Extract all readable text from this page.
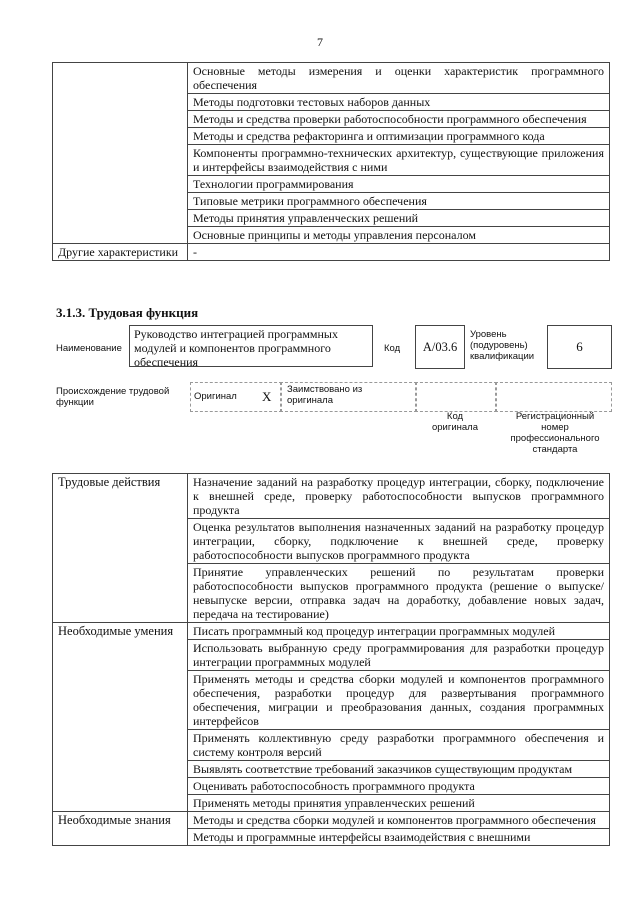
7
	Основные методы измерения и оценки характеристик программного обеспечения
	Методы подготовки тестовых наборов данных
	Методы и средства проверки работоспособности программного обеспечения
	Методы и средства рефакторинга и оптимизации программного кода
	Компоненты программно-технических архитектур, существующие приложения и интерфейсы взаимодействия с ними
	Технологии программирования
	Типовые метрики программного обеспечения
	Методы принятия управленческих решений
	Основные принципы и методы управления персоналом
Другие характеристики	-
3.1.3. Трудовая функция
Наименование
Руководство интеграцией программных модулей и компонентов программного обеспечения
Код	A/03.6
Уровень (подуровень) квалификации
6
Происхождение трудовой функции
Оригинал X Заимствовано из оригинала
Код оригинала
Регистрационный номер профессионального стандарта
Трудовые действия	Назначение заданий на разработку процедур интеграции, сборку, подключение к внешней среде, проверку работоспособности выпусков программного продукта
	Оценка результатов выполнения назначенных заданий на разработку процедур интеграции, сборку, подключение к внешней среде, проверку работоспособности выпусков программного продукта
	Принятие управленческих решений по результатам проверки работоспособности выпусков программного продукта (решение о выпуске/невыпуске версии, отправка задач на доработку, добавление новых задач, передача на тестирование)
Необходимые умения	Писать программный код процедур интеграции программных модулей
	Использовать выбранную среду программирования для разработки процедур интеграции программных модулей
	Применять методы и средства сборки модулей и компонентов программного обеспечения, разработки процедур для развертывания программного обеспечения, миграции и преобразования данных, создания программных интерфейсов
	Применять коллективную среду разработки программного обеспечения и систему контроля версий
	Выявлять соответствие требований заказчиков существующим продуктам
	Оценивать работоспособность программного продукта
	Применять методы принятия управленческих решений
Необходимые знания	Методы и средства сборки модулей и компонентов программного обеспечения
	Методы и программные интерфейсы взаимодействия с внешними
